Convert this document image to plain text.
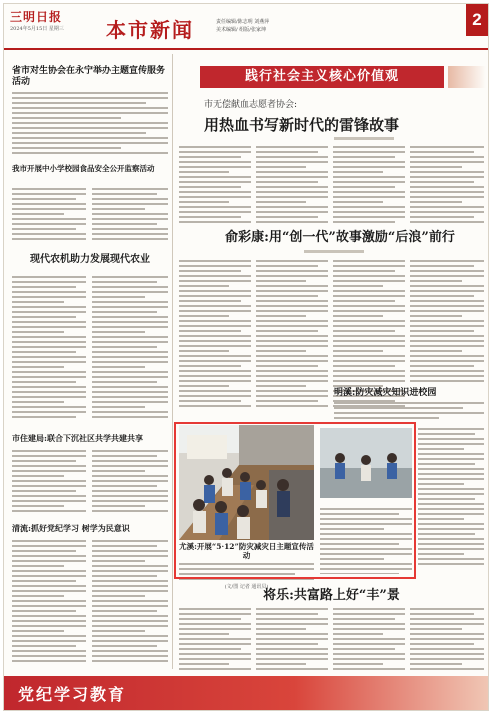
三明日报
2024年5月15日 星期三 本市新闻	责任编辑/陈志明 刘燕萍
美术编辑/ 组版/张家坤
2
省市对生协会在永宁举办主题宣传服务活动
我市开展中小学校园食品安全公开监察活动
现代农机助力发展现代农业
市住建局:联合下沉社区共学共建共享
清流:抓好党纪学习 树学为民意识
践行社会主义核心价值观
市无偿献血志愿者协会:
用热血书写新时代的雷锋故事
俞彩康:用“创一代”故事激励“后浪”前行
明溪:防灾减灾知识进校园
尤溪:开展“5·12”防灾减灾日主题宣传活动
(文/图 记者 通讯员)
将乐:共富路上好“丰”景
党纪学习教育
